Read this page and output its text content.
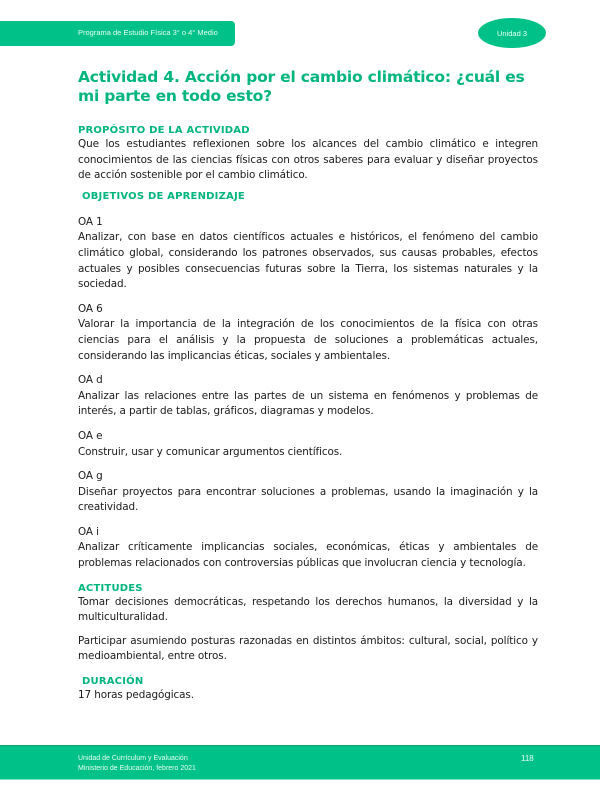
Programa de Estudio Física 3° o 4° Medio	Unidad 3
Actividad 4. Acción por el cambio climático: ¿cuál es mi parte en todo esto?
PROPÓSITO DE LA ACTIVIDAD
Que los estudiantes reflexionen sobre los alcances del cambio climático e integren conocimientos de las ciencias físicas con otros saberes para evaluar y diseñar proyectos de acción sostenible por el cambio climático.
OBJETIVOS DE APRENDIZAJE
OA 1
Analizar, con base en datos científicos actuales e históricos, el fenómeno del cambio climático global, considerando los patrones observados, sus causas probables, efectos actuales y posibles consecuencias futuras sobre la Tierra, los sistemas naturales y la sociedad.
OA 6
Valorar la importancia de la integración de los conocimientos de la física con otras ciencias para el análisis y la propuesta de soluciones a problemáticas actuales, considerando las implicancias éticas, sociales y ambientales.
OA d
Analizar las relaciones entre las partes de un sistema en fenómenos y problemas de interés, a partir de tablas, gráficos, diagramas y modelos.
OA e
Construir, usar y comunicar argumentos científicos.
OA g
Diseñar proyectos para encontrar soluciones a problemas, usando la imaginación y la creatividad.
OA i
Analizar críticamente implicancias sociales, económicas, éticas y ambientales de problemas relacionados con controversias públicas que involucran ciencia y tecnología.
ACTITUDES
Tomar decisiones democráticas, respetando los derechos humanos, la diversidad y la multiculturalidad.
Participar asumiendo posturas razonadas en distintos ámbitos: cultural, social, político y medioambiental, entre otros.
DURACIÓN
17 horas pedagógicas.
Unidad de Currículum y Evaluación
Ministerio de Educación, febrero 2021
118
